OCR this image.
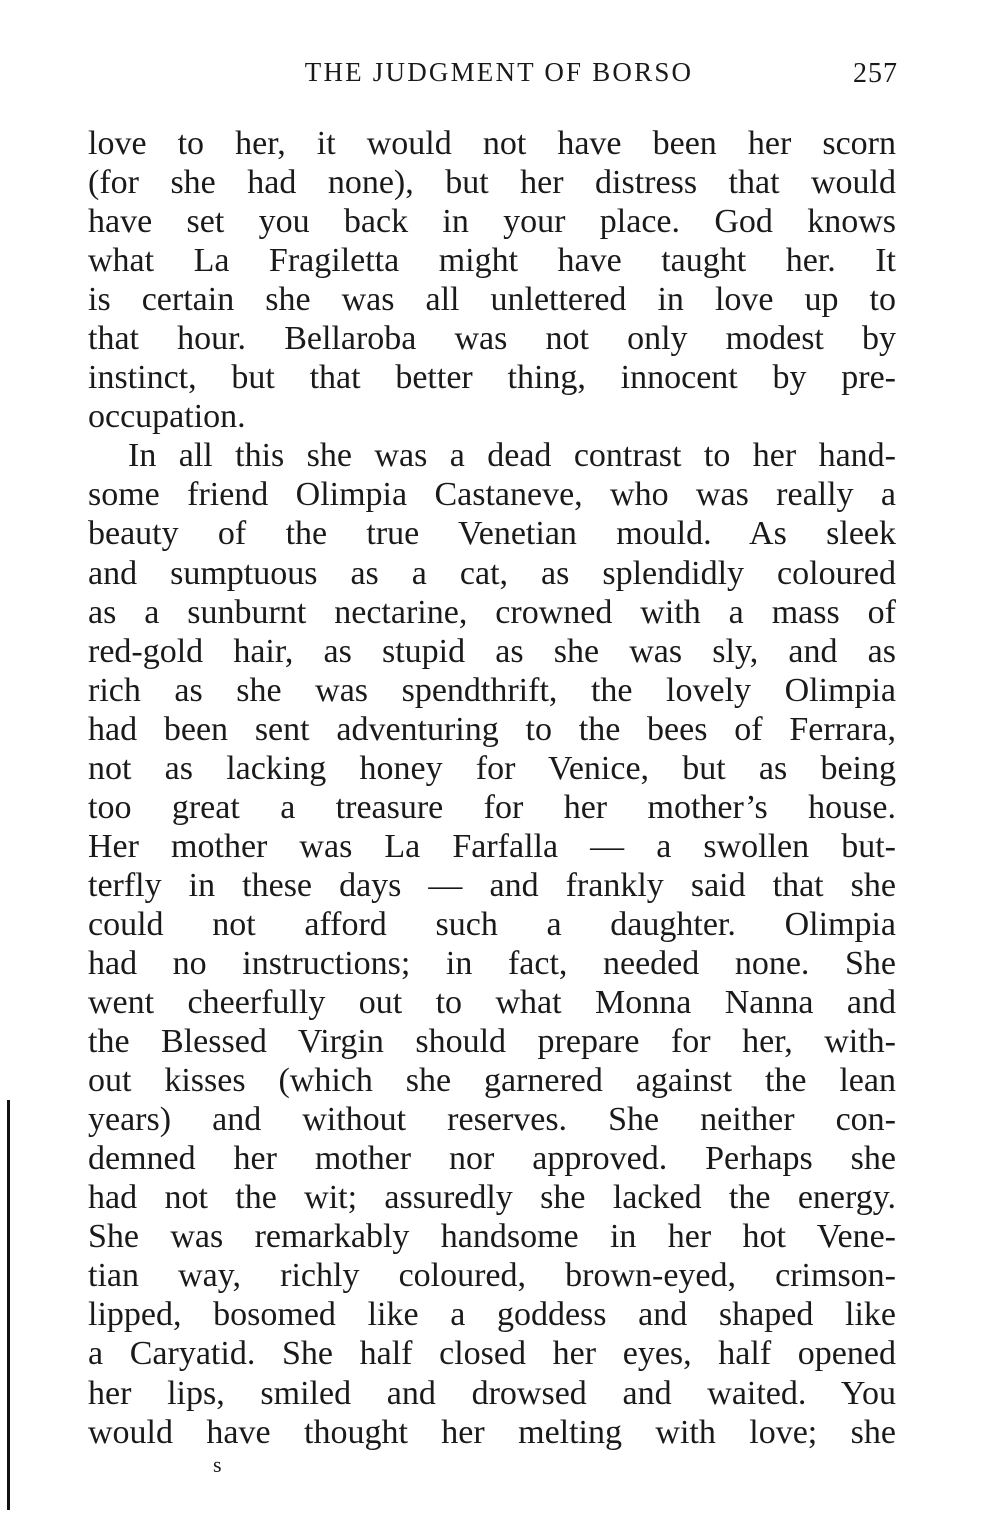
THE JUDGMENT OF BORSO	257
love to her, it would not have been her scorn
(for she had none), but her distress that would
have set you back in your place. God knows
what La Fragiletta might have taught her. It
is certain she was all unlettered in love up to
that hour. Bellaroba was not only modest by
instinct, but that better thing, innocent by pre-
occupation.
In all this she was a dead contrast to her hand-
some friend Olimpia Castaneve, who was really a
beauty of the true Venetian mould. As sleek
and sumptuous as a cat, as splendidly coloured
as a sunburnt nectarine, crowned with a mass of
red-gold hair, as stupid as she was sly, and as
rich as she was spendthrift, the lovely Olimpia
had been sent adventuring to the bees of Ferrara,
not as lacking honey for Venice, but as being
too great a treasure for her mother’s house.
Her mother was La Farfalla — a swollen but-
terfly in these days — and frankly said that she
could not afford such a daughter. Olimpia
had no instructions; in fact, needed none. She
went cheerfully out to what Monna Nanna and
the Blessed Virgin should prepare for her, with-
out kisses (which she garnered against the lean
years) and without reserves. She neither con-
demned her mother nor approved. Perhaps she
had not the wit; assuredly she lacked the energy.
She was remarkably handsome in her hot Vene-
tian way, richly coloured, brown-eyed, crimson-
lipped, bosomed like a goddess and shaped like
a Caryatid. She half closed her eyes, half opened
her lips, smiled and drowsed and waited. You
would have thought her melting with love; she
s
